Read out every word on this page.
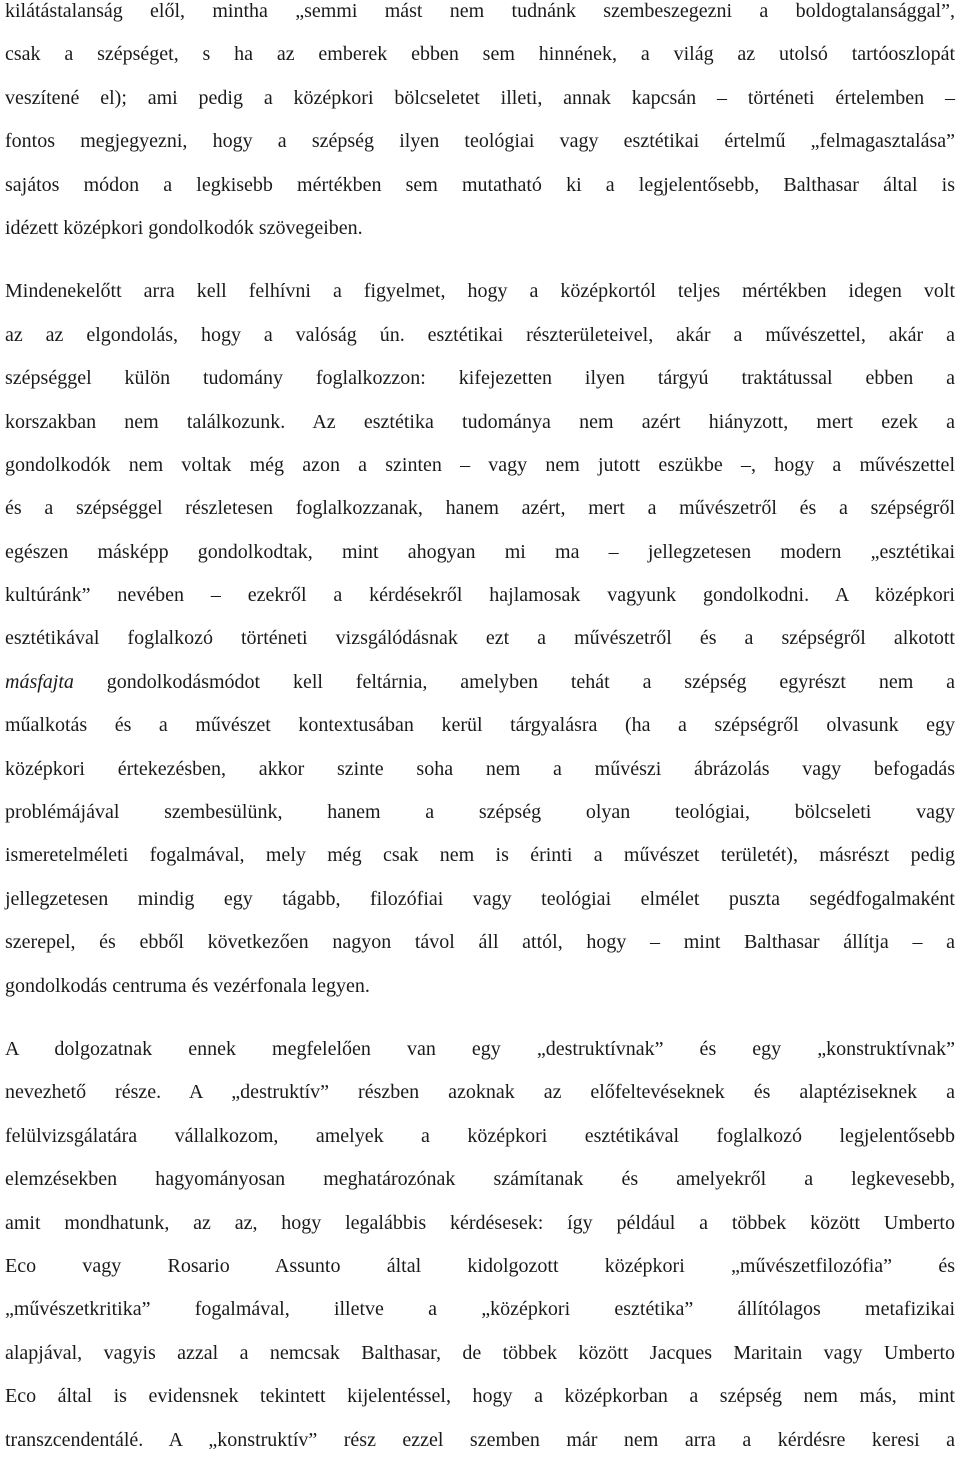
kilátástalanság elől, mintha „semmi mást nem tudnánk szembeszegezni a boldogtalansággal”,
csak a szépséget, s ha az emberek ebben sem hinnének, a világ az utolsó tartóoszlopát
veszítené el); ami pedig a középkori bölcseletet illeti, annak kapcsán – történeti értelemben –
fontos megjegyezni, hogy a szépség ilyen teológiai vagy esztétikai értelmű „felmagasztalása”
sajátos módon a legkisebb mértékben sem mutatható ki a legjelentősebb, Balthasar által is
idézett középkori gondolkodók szövegeiben.

Mindenekelőtt arra kell felhívni a figyelmet, hogy a középkortól teljes mértékben idegen volt
az az elgondolás, hogy a valóság ún. esztétikai részterületeivel, akár a művészettel, akár a
szépséggel külön tudomány foglalkozzon: kifejezetten ilyen tárgyú traktátussal ebben a
korszakban nem találkozunk. Az esztétika tudománya nem azért hiányzott, mert ezek a
gondolkodók nem voltak még azon a szinten – vagy nem jutott eszükbe –, hogy a művészettel
és a szépséggel részletesen foglalkozzanak, hanem azért, mert a művészetről és a szépségről
egészen másképp gondolkodtak, mint ahogyan mi ma – jellegzetesen modern „esztétikai
kultúránk” nevében – ezekről a kérdésekről hajlamosak vagyunk gondolkodni. A középkori
esztétikával foglalkozó történeti vizsgálódásnak ezt a művészetről és a szépségről alkotott
másfajta gondolkodásmódot kell feltárnia, amelyben tehát a szépség egyrészt nem a
műalkotás és a művészet kontextusában kerül tárgyalásra (ha a szépségről olvasunk egy
középkori értekezésben, akkor szinte soha nem a művészi ábrázolás vagy befogadás
problémájával szembesülünk, hanem a szépség olyan teológiai, bölcseleti vagy
ismeretelméleti fogalmával, mely még csak nem is érinti a művészet területét), másrészt pedig
jellegzetesen mindig egy tágabb, filozófiai vagy teológiai elmélet puszta segédfogalmaként
szerepel, és ebből következően nagyon távol áll attól, hogy – mint Balthasar állítja – a
gondolkodás centruma és vezérfonala legyen.

A dolgozatnak ennek megfelelően van egy „destruktívnak” és egy „konstruktívnak”
nevezhető része. A „destruktív” részben azoknak az előfeltevéseknek és alaptéziseknek a
felülvizsgálatára vállalkozom, amelyek a középkori esztétikával foglalkozó legjelentősebb
elemzésekben hagyományosan meghatározónak számítanak és amelyekről a legkevesebb,
amit mondhatunk, az az, hogy legalábbis kérdésesek: így például a többek között Umberto
Eco vagy Rosario Assunto által kidolgozott középkori „művészetfilozófia” és
„művészetkritika” fogalmával, illetve a „középkori esztétika” állítólagos metafizikai
alapjával, vagyis azzal a nemcsak Balthasar, de többek között Jacques Maritain vagy Umberto
Eco által is evidensnek tekintett kijelentéssel, hogy a középkorban a szépség nem más, mint
transzcendentálé. A „konstruktív” rész ezzel szemben már nem arra a kérdésre keresi a
